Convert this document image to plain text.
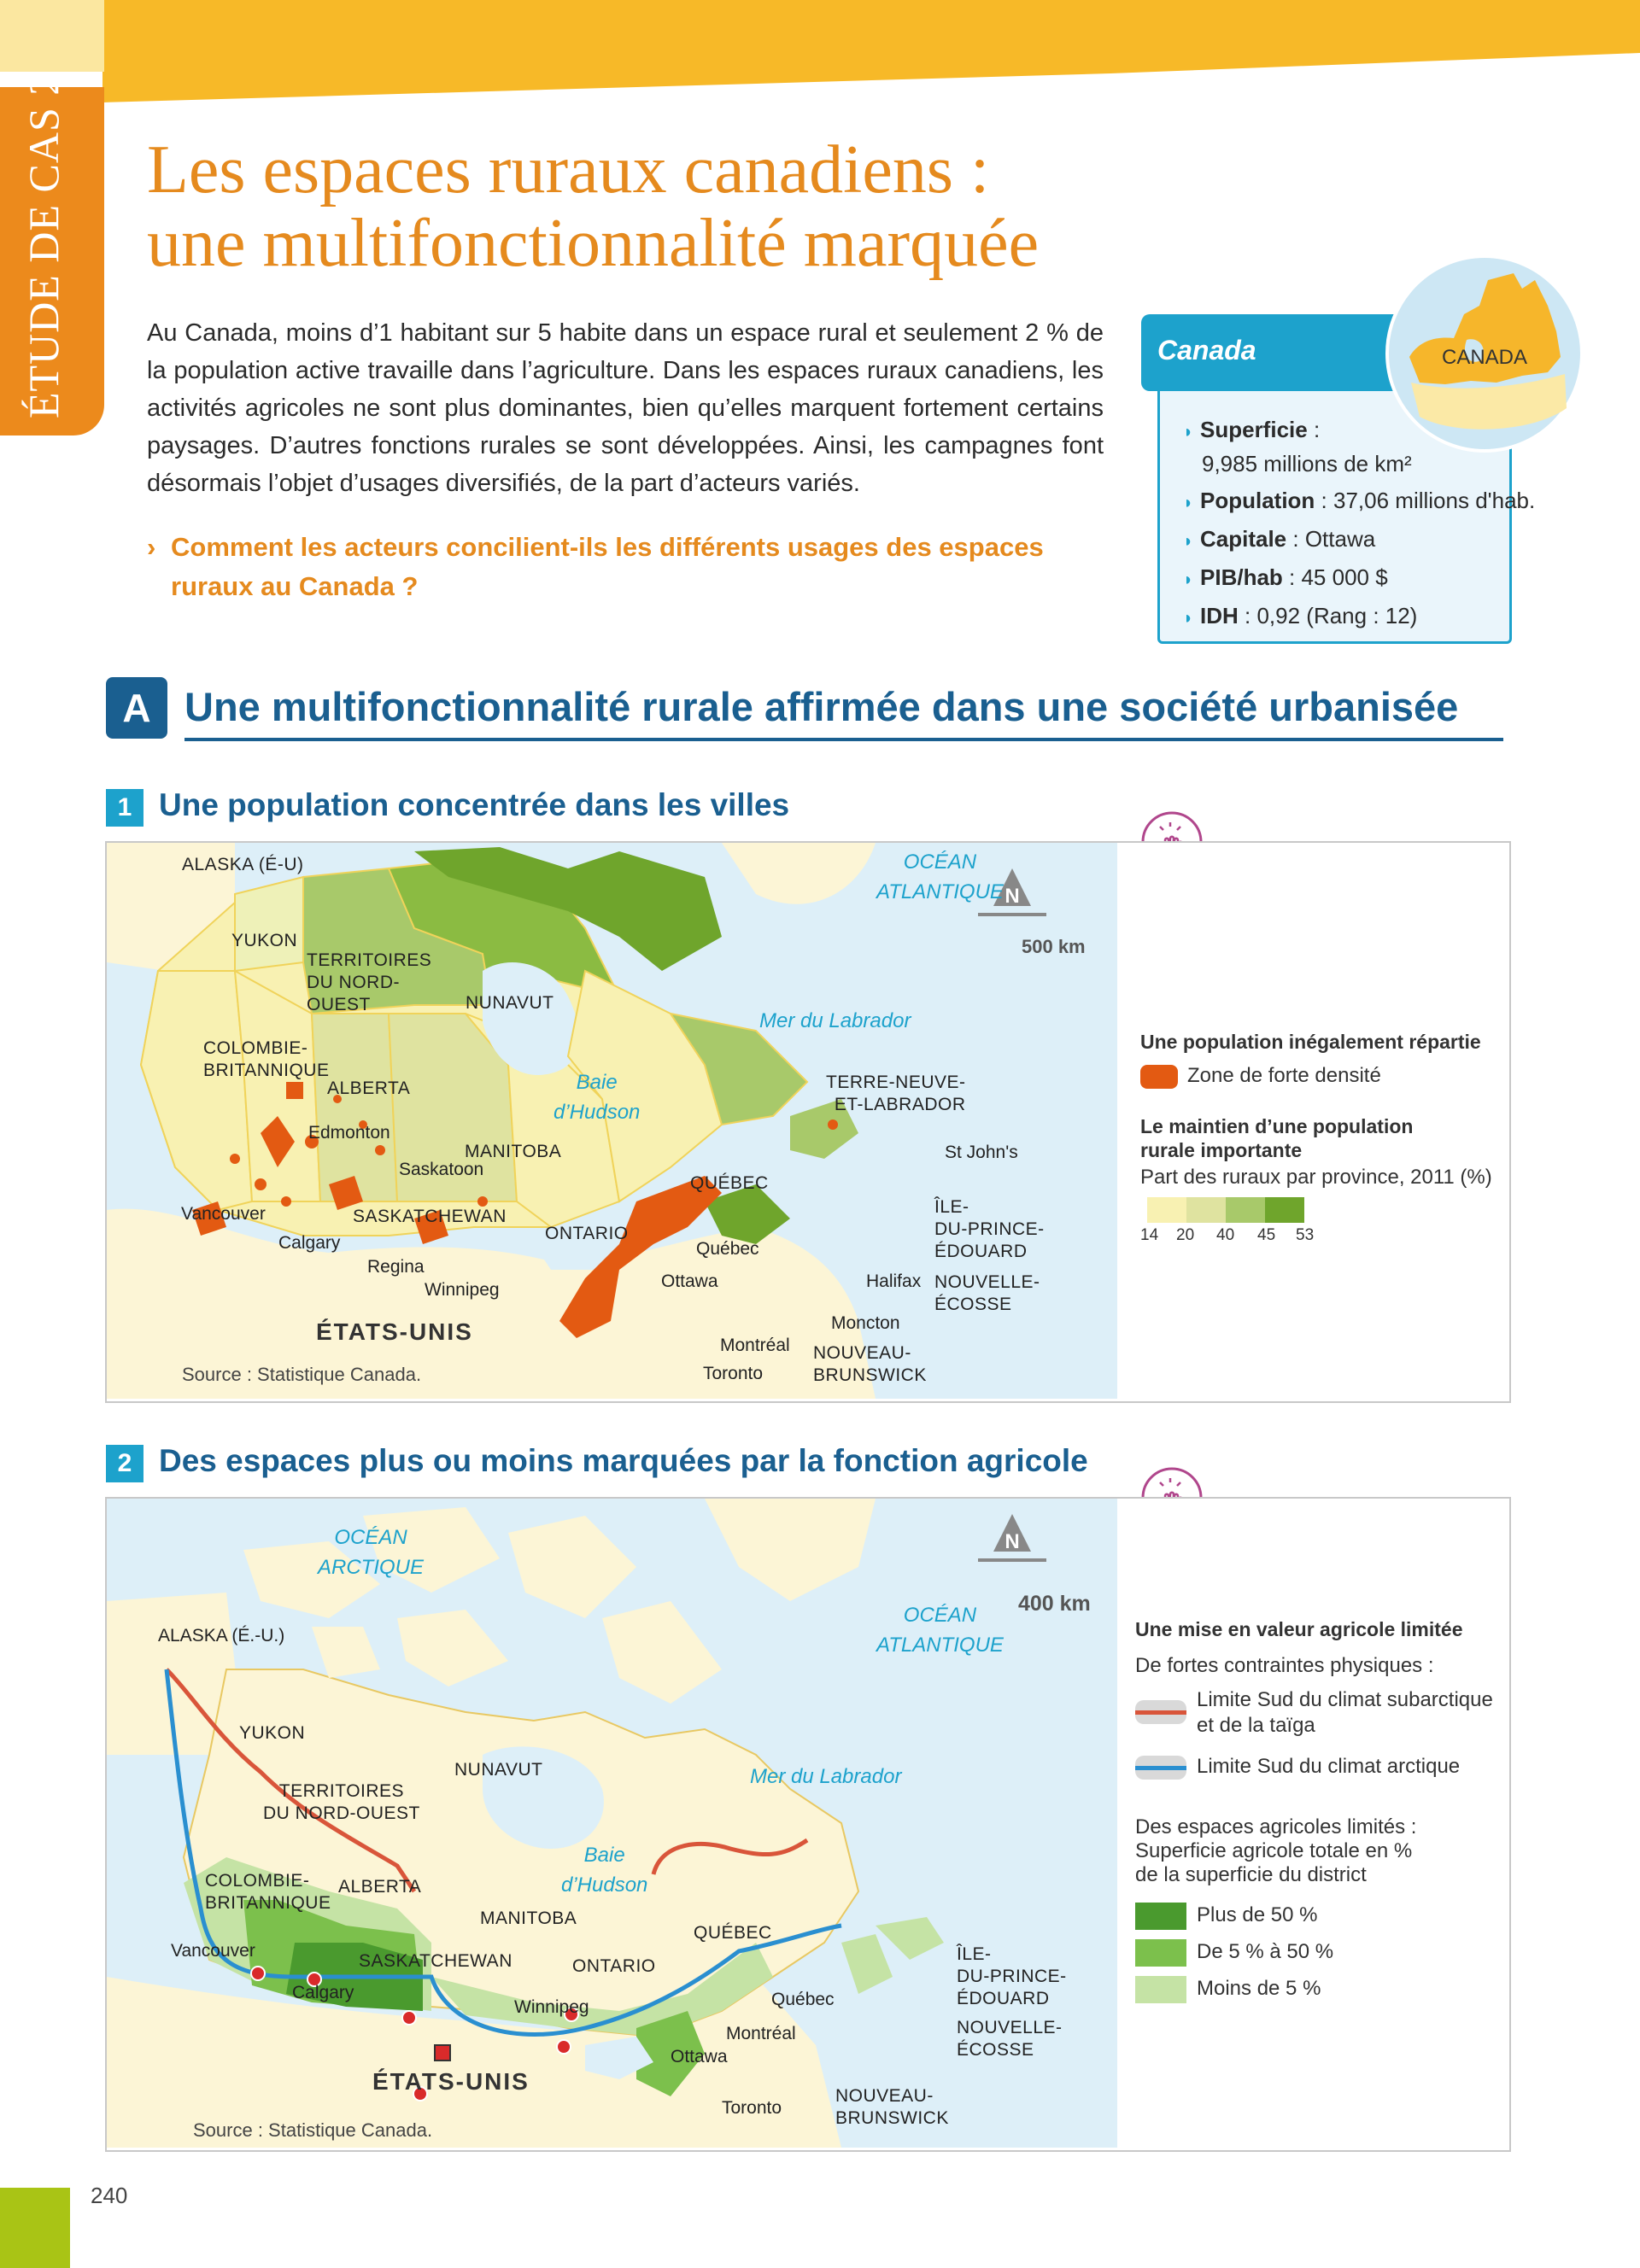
ÉTUDE DE CAS 2 Les espaces ruraux canadiens :
une multifonctionnalité marquée

Au Canada, moins d’1 habitant sur 5 habite dans un espace rural et seulement 2 % de la population active travaille dans l’agriculture. Dans les espaces ruraux canadiens, les activités agricoles ne sont plus dominantes, bien qu’elles marquent fortement certains paysages. D’autres fonctions rurales se sont développées. Ainsi, les campagnes font désormais l’objet d’usages diversifiés, de la part d’acteurs variés.

› Comment les acteurs concilient-ils les différents usages des espaces
ruraux au Canada ?
Canada	CANADA
◗ Superficie :
9,985 millions de km²
◗ Population : 37,06 millions d'hab.
◗ Capitale : Ottawa
◗ PIB/hab : 45 000 $
◗ IDH : 0,92 (Rang : 12)
A Une multifonctionnalité rurale affirmée dans une société urbanisée
1 Une population concentrée dans les villes
N
ALASKA (É-U)
YUKON
TERRITOIRES
DU NORD-
OUEST	NUNAVUT
COLOMBIE-
BRITANNIQUE
ALBERTA
Edmonton
MANITOBA
Saskatoon
Vancouver	SASKATCHEWAN
Calgary
Regina
Winnipeg
ONTARIO
QUÉBEC
Québec
Ottawa
Montréal
Toronto
TERRE-NEUVE-
ET-LABRADOR
St John's
ÎLE-
DU-PRINCE-
ÉDOUARD
Halifax NOUVELLE-
ÉCOSSE
Moncton
NOUVEAU-
BRUNSWICK
ÉTATS-UNIS
OCÉAN
ATLANTIQUE
Mer du Labrador
Baie
d’Hudson
Source : Statistique Canada.
500 km
Une population inégalement répartie
Zone de forte densité
Le maintien d’une population
rurale importante
Part des ruraux par province, 2011 (%)
14 20 40 45 53
2 Des espaces plus ou moins marquées par la fonction agricole
N
OCÉAN
ARCTIQUE
OCÉAN
ATLANTIQUE
ALASKA (É.-U.)
YUKON
NUNAVUT
TERRITOIRES
DU NORD-OUEST
Mer du Labrador
Baie
d’Hudson
COLOMBIE-
BRITANNIQUE
ALBERTA
MANITOBA
QUÉBEC
Vancouver
SASKATCHEWAN	ONTARIO
Calgary
Winnipeg	Québec
Montréal
Ottawa
Toronto
ÎLE-
DU-PRINCE-
ÉDOUARD
NOUVELLE-
ÉCOSSE
NOUVEAU-
BRUNSWICK
ÉTATS-UNIS
Source : Statistique Canada.
400 km
Une mise en valeur agricole limitée
De fortes contraintes physiques :
Limite Sud du climat subarctique
et de la taïga
Limite Sud du climat arctique
Des espaces agricoles limités :
Superficie agricole totale en %
de la superficie du district
Plus de 50 %
De 5 % à 50 %
Moins de 5 %
240
